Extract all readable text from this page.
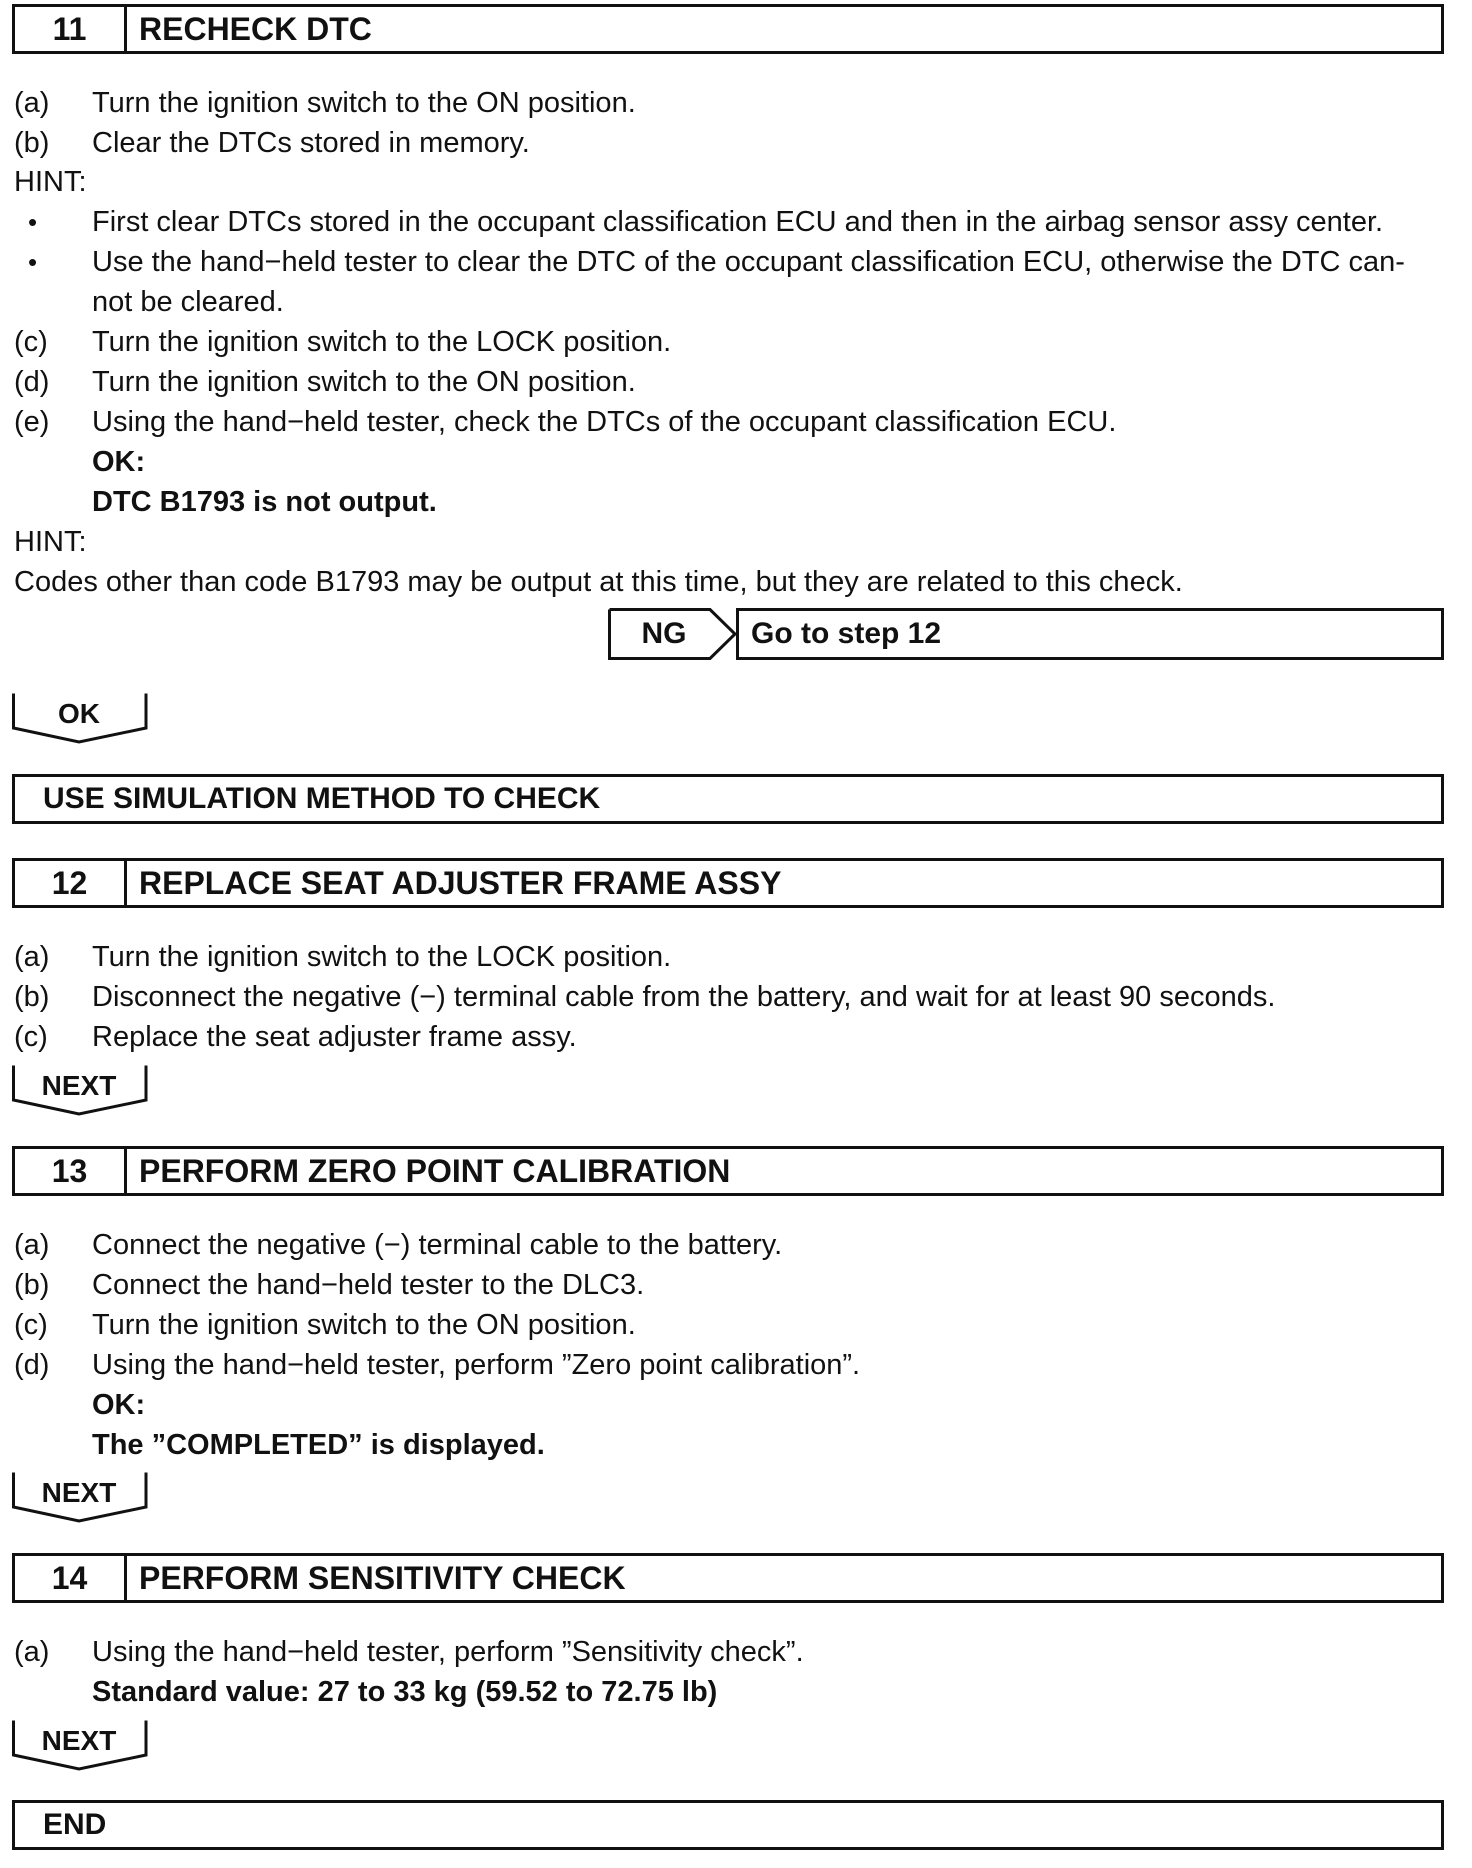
11	RECHECK DTC
(a) Turn the ignition switch to the ON position.
(b) Clear the DTCs stored in memory.
HINT:
• First clear DTCs stored in the occupant classification ECU and then in the airbag sensor assy center.
• Use the hand−held tester to clear the DTC of the occupant classification ECU, otherwise the DTC can-
not be cleared.
(c) Turn the ignition switch to the LOCK position.
(d) Turn the ignition switch to the ON position.
(e) Using the hand−held tester, check the DTCs of the occupant classification ECU.
OK:
DTC B1793 is not output.
HINT:
Codes other than code B1793 may be output at this time, but they are related to this check.
NG	Go to step 12
OK
USE SIMULATION METHOD TO CHECK
12	REPLACE SEAT ADJUSTER FRAME ASSY
(a) Turn the ignition switch to the LOCK position.
(b) Disconnect the negative (−) terminal cable from the battery, and wait for at least 90 seconds.
(c) Replace the seat adjuster frame assy.
NEXT
13	PERFORM ZERO POINT CALIBRATION
(a) Connect the negative (−) terminal cable to the battery.
(b) Connect the hand−held tester to the DLC3.
(c) Turn the ignition switch to the ON position.
(d) Using the hand−held tester, perform ”Zero point calibration”.
OK:
The ”COMPLETED” is displayed.
NEXT
14	PERFORM SENSITIVITY CHECK
(a) Using the hand−held tester, perform ”Sensitivity check”.
Standard value: 27 to 33 kg (59.52 to 72.75 lb)
NEXT
END
